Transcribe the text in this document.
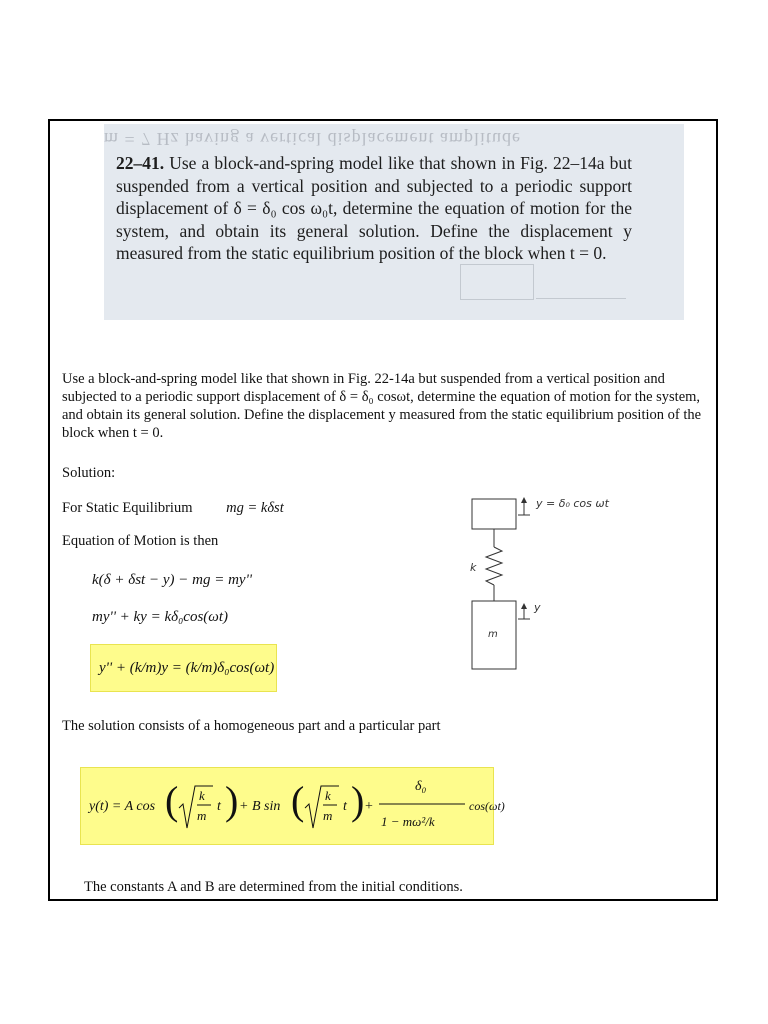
m = 7 Hz having a vertical displacement amplitude
22–41. Use a block-and-spring model like that shown in Fig. 22–14a but suspended from a vertical position and subjected to a periodic support displacement of δ = δ₀ cos ω₀t, determine the equation of motion for the system, and obtain its general solution. Define the displacement y measured from the static equilibrium position of the block when t = 0.
Use a block-and-spring model like that shown in Fig. 22-14a but suspended from a vertical position and subjected to a periodic support displacement of δ = δ₀ cosωt, determine the equation of motion for the system, and obtain its general solution. Define the displacement y measured from the static equilibrium position of the block when t = 0.
Solution:
For Static Equilibrium mg = kδst
Equation of Motion is then
k(δ + δst − y) − mg = my''
my'' + ky = kδ₀cos(ωt)
y'' + (k/m)y = (k/m)δ₀cos(ωt)
The solution consists of a homogeneous part and a particular part
y(t) = A cos ( k
m
t ) + B sin ( k
m
t ) +
δ₀
1 − mω²/k
cos(ωt)
The constants A and B are determined from the initial conditions.
y = δ₀ cos ωt
k
m
y
